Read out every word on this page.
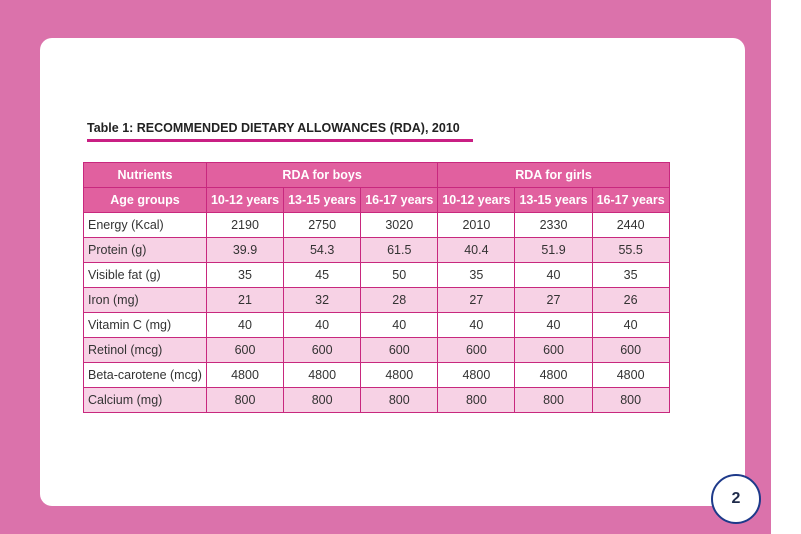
Table 1: RECOMMENDED DIETARY ALLOWANCES (RDA), 2010
Nutrients	RDA for boys			RDA for girls		
Age groups	10-12 years	13-15 years	16-17 years	10-12 years	13-15 years	16-17 years
Energy (Kcal)	2190	2750	3020	2010	2330	2440
Protein (g)	39.9	54.3	61.5	40.4	51.9	55.5
Visible fat (g)	35	45	50	35	40	35
Iron (mg)	21	32	28	27	27	26
Vitamin C (mg)	40	40	40	40	40	40
Retinol (mcg)	600	600	600	600	600	600
Beta-carotene (mcg)	4800	4800	4800	4800	4800	4800
Calcium (mg)	800	800	800	800	800	800
2
